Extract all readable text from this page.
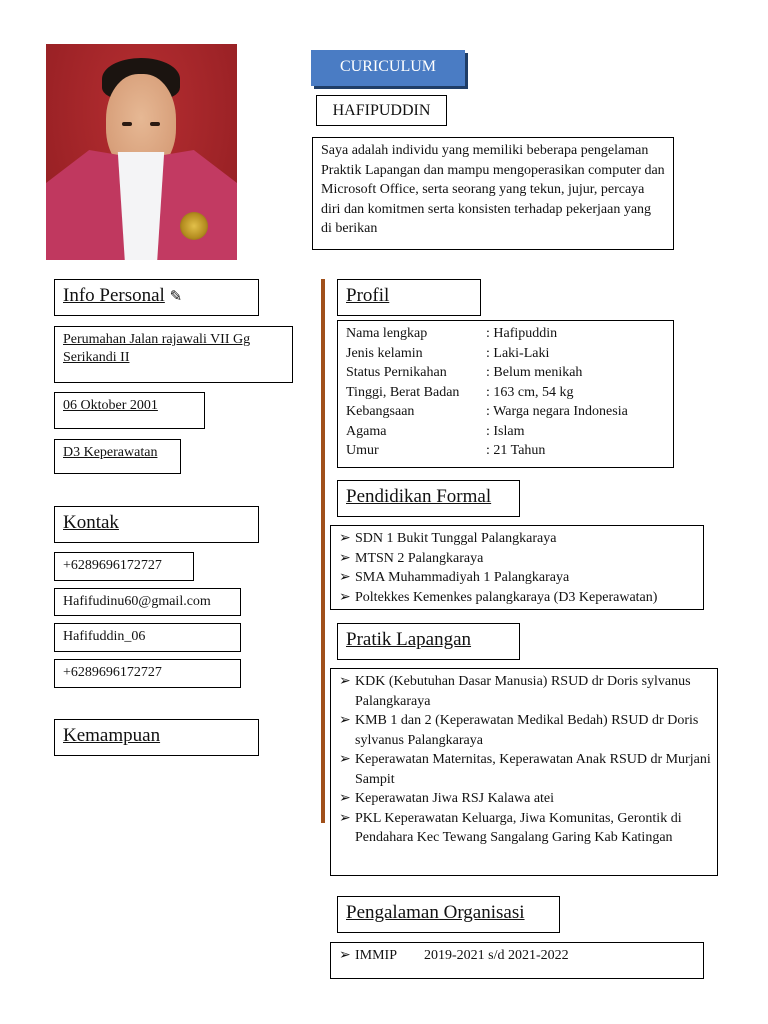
CURICULUM
HAFIPUDDIN
Saya adalah individu yang memiliki beberapa pengelaman Praktik Lapangan dan mampu mengoperasikan computer dan Microsoft Office, serta seorang yang tekun, jujur, percaya diri dan komitmen serta konsisten terhadap pekerjaan yang di berikan
Info Personal ✎
Perumahan Jalan rajawali VII Gg Serikandi II
06 Oktober 2001
D3 Keperawatan
Kontak
+6289696172727
Hafifudinu60@gmail.com
Hafifuddin_06
+6289696172727
Kemampuan
Profil
Nama lengkap	: Hafipuddin
Jenis kelamin	: Laki-Laki
Status Pernikahan	: Belum menikah
Tinggi, Berat Badan	: 163 cm, 54 kg
Kebangsaan	: Warga negara Indonesia
Agama	: Islam
Umur	: 21 Tahun
Pendidikan Formal
➢ SDN 1 Bukit Tunggal Palangkaraya
➢ MTSN 2 Palangkaraya
➢ SMA Muhammadiyah 1 Palangkaraya
➢ Poltekkes Kemenkes palangkaraya (D3 Keperawatan)
Pratik Lapangan
➢ KDK (Kebutuhan Dasar Manusia) RSUD dr Doris sylvanus Palangkaraya
➢ KMB 1 dan 2 (Keperawatan Medikal Bedah) RSUD dr Doris sylvanus Palangkaraya
➢ Keperawatan Maternitas, Keperawatan Anak RSUD dr Murjani Sampit
➢ Keperawatan Jiwa RSJ Kalawa atei
➢ PKL Keperawatan Keluarga, Jiwa Komunitas, Gerontik di Pendahara Kec Tewang Sangalang Garing Kab Katingan
Pengalaman Organisasi
➢ IMMIP 2019-2021 s/d 2021-2022
